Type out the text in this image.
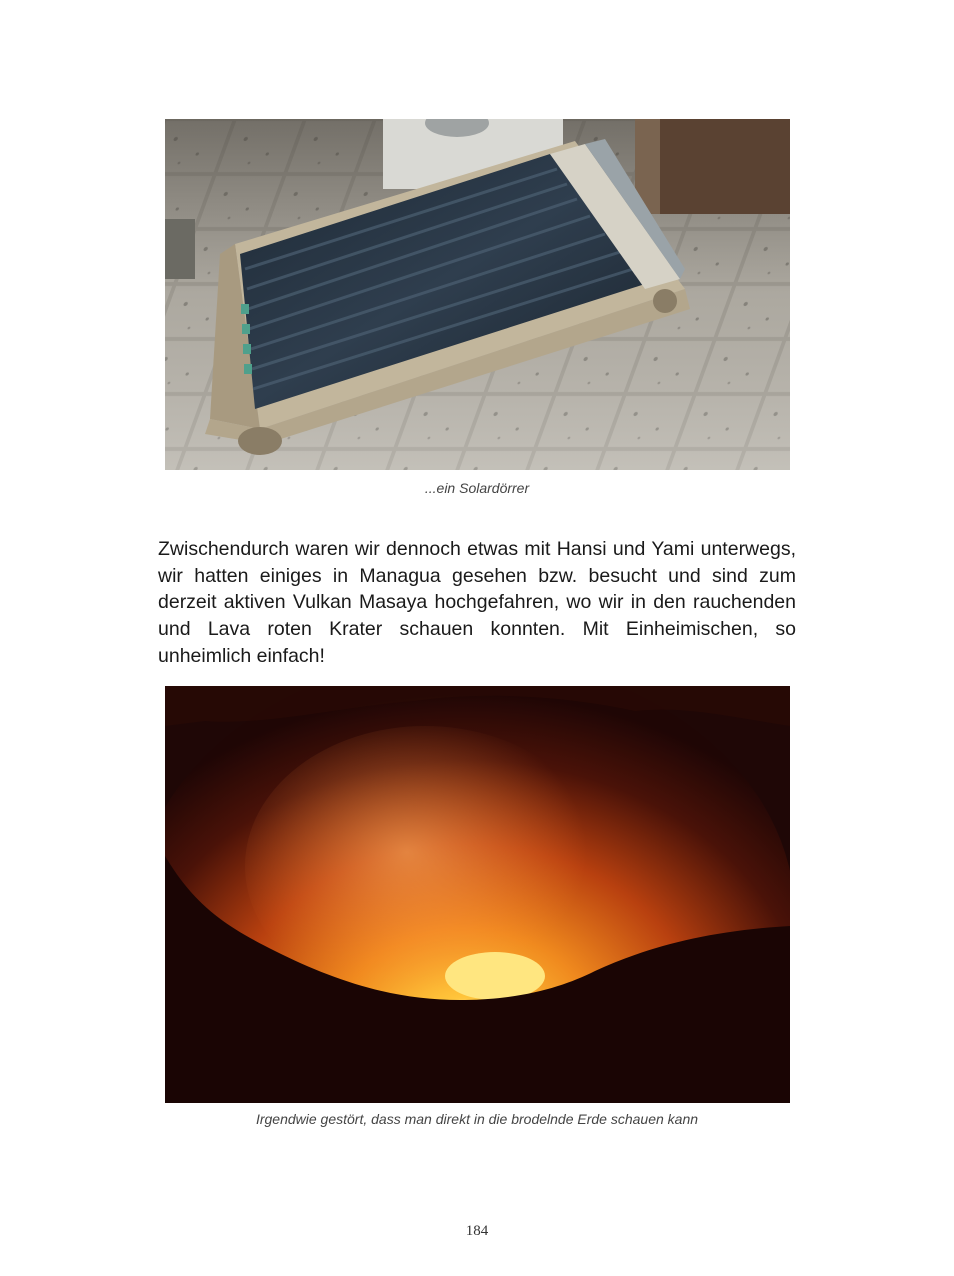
...ein Solardörrer

Zwischendurch waren wir dennoch etwas mit Hansi und Yami unterwegs, wir hatten einiges in Managua gesehen bzw. besucht und sind zum derzeit aktiven Vulkan Masaya hochgefahren, wo wir in den rauchenden und Lava roten Krater schauen konnten. Mit Einheimischen, so unheimlich einfach!

Irgendwie gestört, dass man direkt in die brodelnde Erde schauen kann
184
